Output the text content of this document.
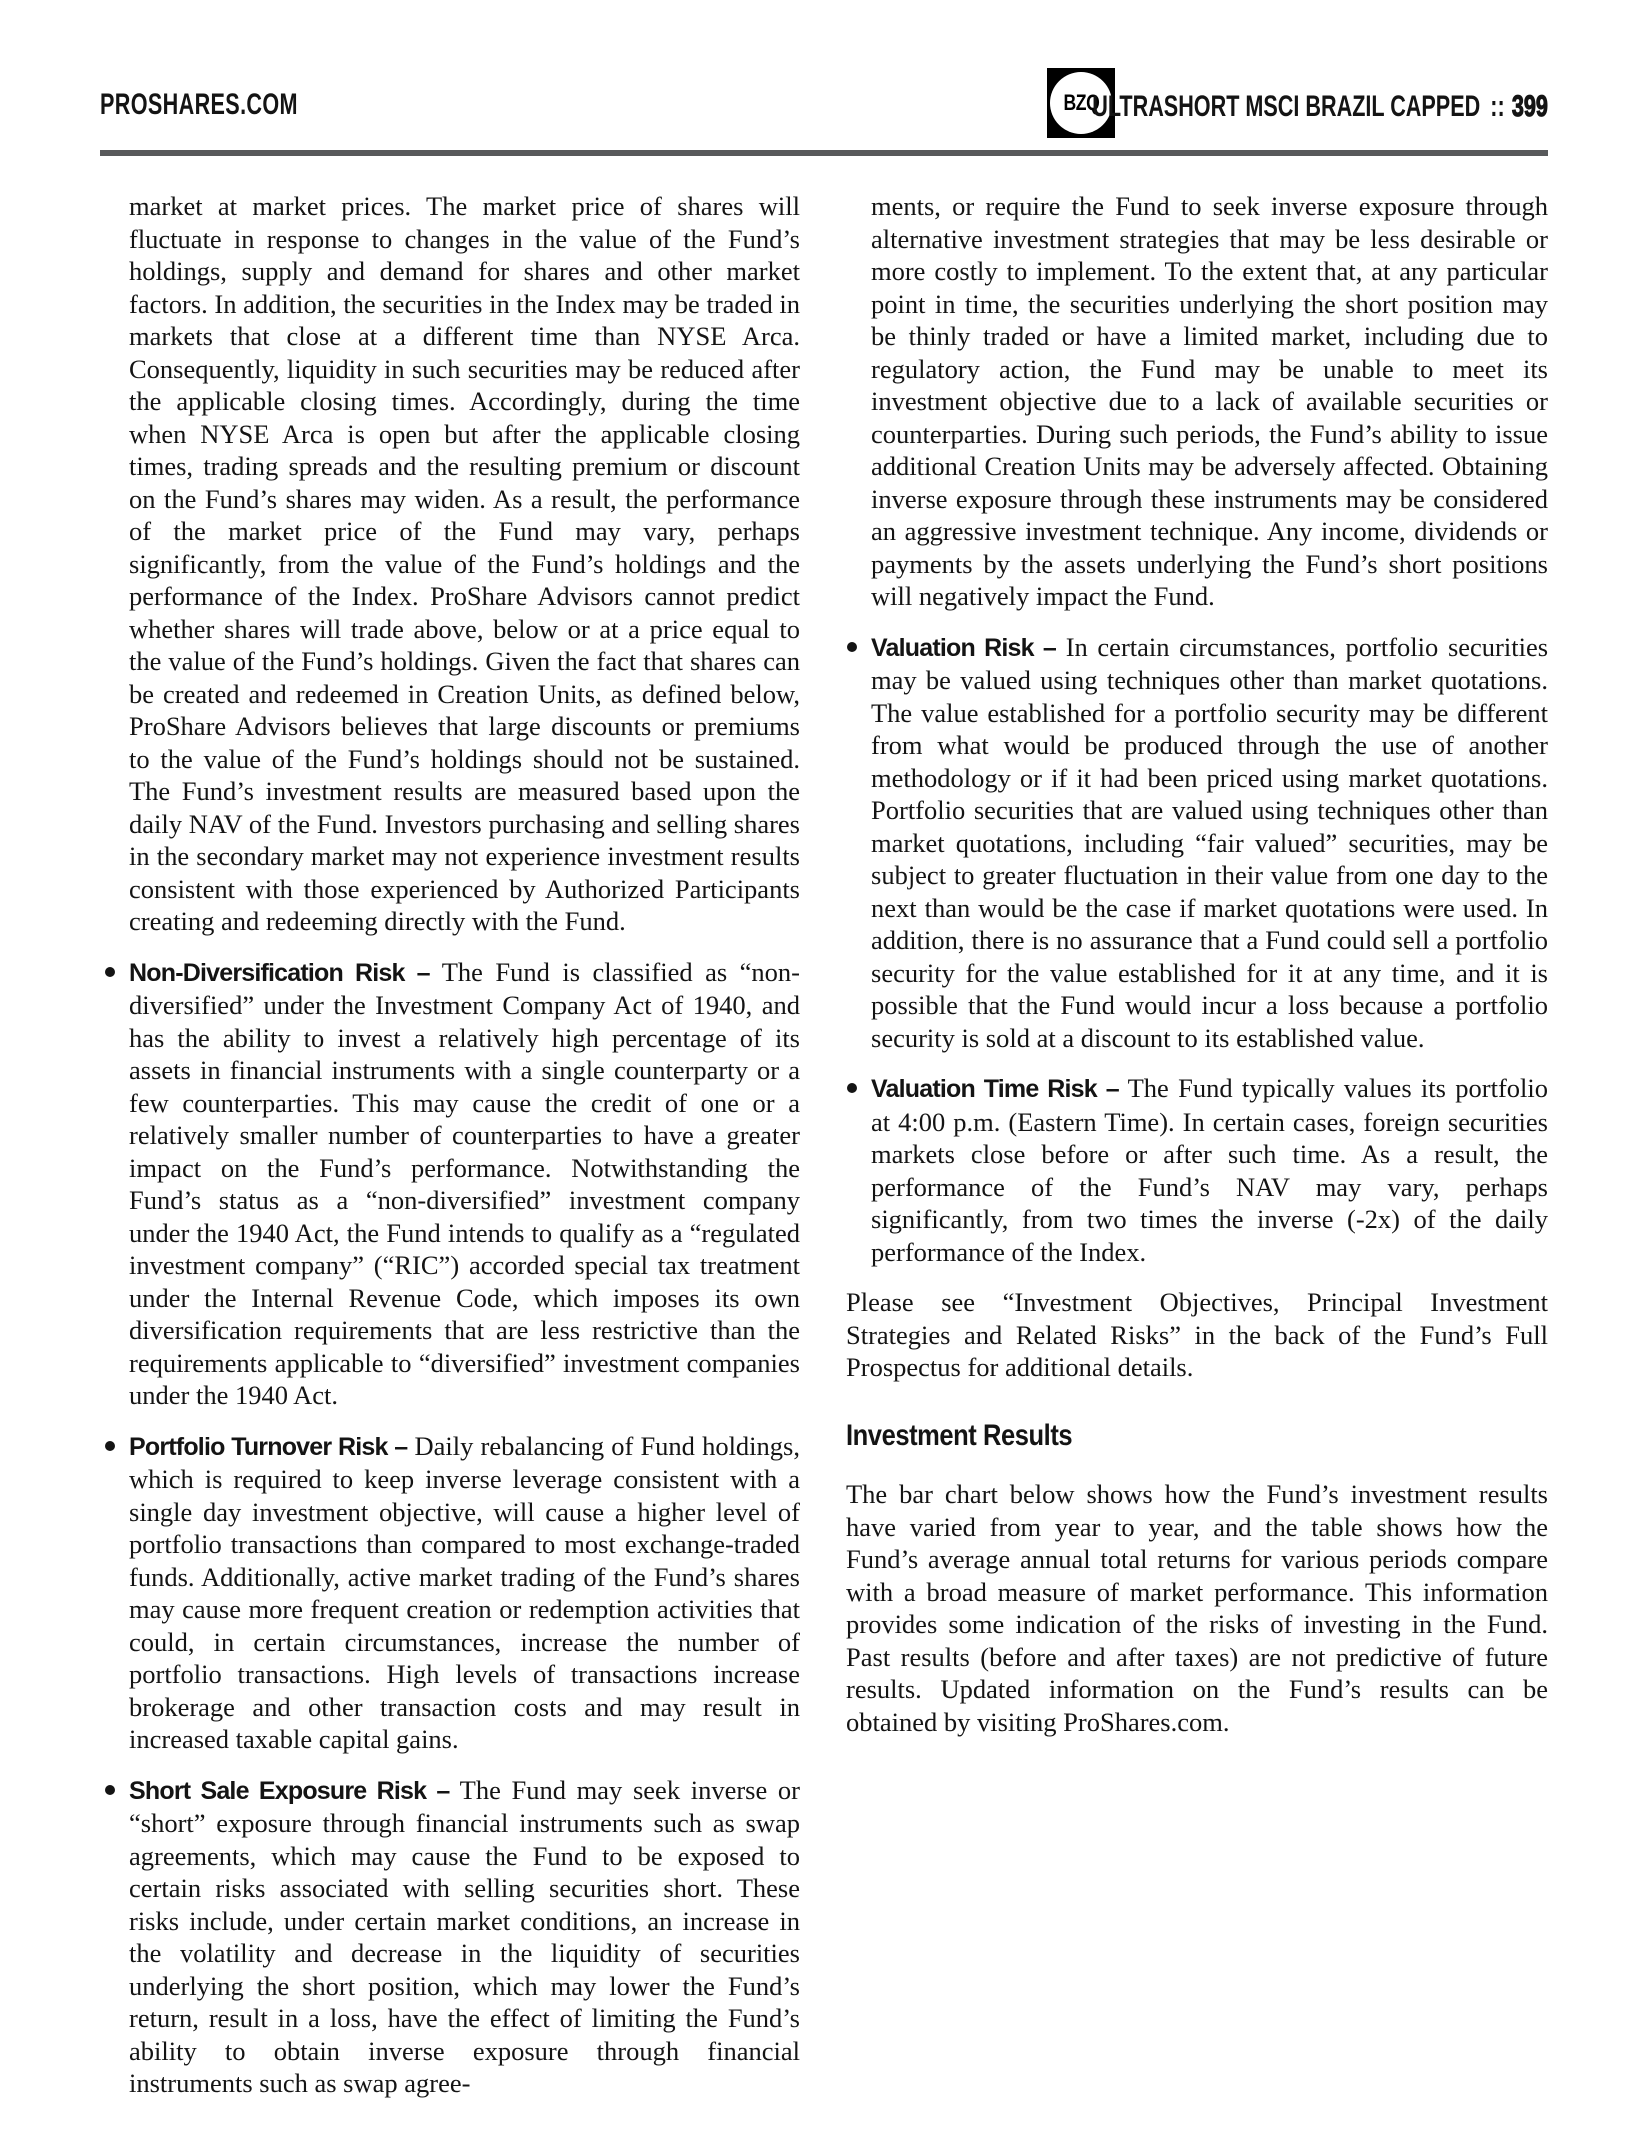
PROSHARES.COM	BZQ
ULTRASHORT MSCI BRAZIL CAPPED :: 399

market at market prices. The market price of shares will fluctuate in response to changes in the value of the Fund’s holdings, supply and demand for shares and other market factors. In addition, the securities in the Index may be traded in markets that close at a different time than NYSE Arca. Consequently, liquidity in such securities may be reduced after the applicable closing times. Accordingly, during the time when NYSE Arca is open but after the applicable closing times, trading spreads and the resulting premium or discount on the Fund’s shares may widen. As a result, the performance of the market price of the Fund may vary, perhaps significantly, from the value of the Fund’s holdings and the performance of the Index. ProShare Advisors cannot predict whether shares will trade above, below or at a price equal to the value of the Fund’s holdings. Given the fact that shares can be created and redeemed in Creation Units, as defined below, ProShare Advisors believes that large discounts or premiums to the value of the Fund’s holdings should not be sustained. The Fund’s investment results are measured based upon the daily NAV of the Fund. Investors purchasing and selling shares in the secondary market may not experience investment results consistent with those experienced by Authorized Participants creating and redeeming directly with the Fund.

Non-Diversification Risk – The Fund is classified as “non-diversified” under the Investment Company Act of 1940, and has the ability to invest a relatively high percentage of its assets in financial instruments with a single counterparty or a few counterparties. This may cause the credit of one or a relatively smaller number of counterparties to have a greater impact on the Fund’s performance. Notwithstanding the Fund’s status as a “non-diversified” investment company under the 1940 Act, the Fund intends to qualify as a “regulated investment company” (“RIC”) accorded special tax treatment under the Internal Revenue Code, which imposes its own diversification requirements that are less restrictive than the requirements applicable to “diversified” investment companies under the 1940 Act.

Portfolio Turnover Risk – Daily rebalancing of Fund holdings, which is required to keep inverse leverage consistent with a single day investment objective, will cause a higher level of portfolio transactions than compared to most exchange-traded funds. Additionally, active market trading of the Fund’s shares may cause more frequent creation or redemption activities that could, in certain circumstances, increase the number of portfolio transactions. High levels of transactions increase brokerage and other transaction costs and may result in increased taxable capital gains.

Short Sale Exposure Risk – The Fund may seek inverse or “short” exposure through financial instruments such as swap agreements, which may cause the Fund to be exposed to certain risks associated with selling securities short. These risks include, under certain market conditions, an increase in the volatility and decrease in the liquidity of securities underlying the short position, which may lower the Fund’s return, result in a loss, have the effect of limiting the Fund’s ability to obtain inverse exposure through financial instruments such as swap agree-

ments, or require the Fund to seek inverse exposure through alternative investment strategies that may be less desirable or more costly to implement. To the extent that, at any particular point in time, the securities underlying the short position may be thinly traded or have a limited market, including due to regulatory action, the Fund may be unable to meet its investment objective due to a lack of available securities or counterparties. During such periods, the Fund’s ability to issue additional Creation Units may be adversely affected. Obtaining inverse exposure through these instruments may be considered an aggressive investment technique. Any income, dividends or payments by the assets underlying the Fund’s short positions will negatively impact the Fund.

Valuation Risk – In certain circumstances, portfolio securities may be valued using techniques other than market quotations. The value established for a portfolio security may be different from what would be produced through the use of another methodology or if it had been priced using market quotations. Portfolio securities that are valued using techniques other than market quotations, including “fair valued” securities, may be subject to greater fluctuation in their value from one day to the next than would be the case if market quotations were used. In addition, there is no assurance that a Fund could sell a portfolio security for the value established for it at any time, and it is possible that the Fund would incur a loss because a portfolio security is sold at a discount to its established value.

Valuation Time Risk – The Fund typically values its portfolio at 4:00 p.m. (Eastern Time). In certain cases, foreign securities markets close before or after such time. As a result, the performance of the Fund’s NAV may vary, perhaps significantly, from two times the inverse (-2x) of the daily performance of the Index.

Please see “Investment Objectives, Principal Investment Strategies and Related Risks” in the back of the Fund’s Full Prospectus for additional details.

Investment Results

The bar chart below shows how the Fund’s investment results have varied from year to year, and the table shows how the Fund’s average annual total returns for various periods compare with a broad measure of market performance. This information provides some indication of the risks of investing in the Fund. Past results (before and after taxes) are not predictive of future results. Updated information on the Fund’s results can be obtained by visiting ProShares.com.
